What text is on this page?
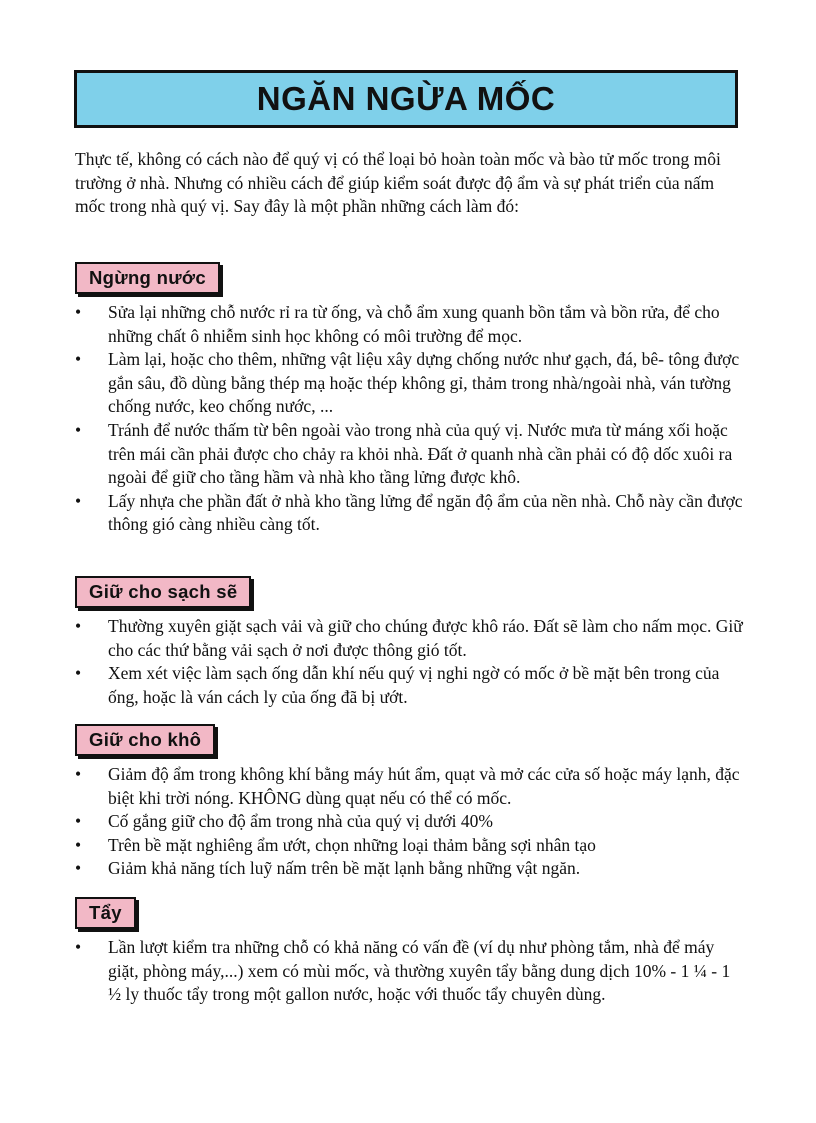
NGĂN NGỪA MỐC

Thực tế, không có cách nào để quý vị có thể loại bỏ hoàn toàn mốc và bào tử mốc trong môi trường ở nhà. Nhưng có nhiều cách để giúp kiểm soát được độ ẩm và sự phát triển của nấm mốc trong nhà quý vị. Say đây là một phần những cách làm đó:

Ngừng nước
•	Sửa lại những chỗ nước rỉ ra từ ống, và chỗ ẩm xung quanh bồn tắm và bồn rửa, để cho những chất ô nhiễm sinh học không có môi trường để mọc.
•	Làm lại, hoặc cho thêm, những vật liệu xây dựng chống nước như gạch, đá, bê- tông được gắn sâu, đồ dùng bằng thép mạ hoặc thép không gỉ, thảm trong nhà/ngoài nhà, ván tường chống nước, keo chống nước, ...
•	Tránh để nước thấm từ bên ngoài vào trong nhà của quý vị. Nước mưa từ máng xối hoặc trên mái cần phải được cho chảy ra khỏi nhà. Đất ở quanh nhà cần phải có độ dốc xuôi ra ngoài để giữ cho tầng hầm và nhà kho tầng lửng được khô.
•	Lấy nhựa che phần đất ở nhà kho tầng lửng để ngăn độ ẩm của nền nhà. Chỗ này cần được thông gió càng nhiều càng tốt.
Giữ cho sạch sẽ
•	Thường xuyên giặt sạch vải và giữ cho chúng được khô ráo. Đất sẽ làm cho nấm mọc. Giữ cho các thứ bằng vải sạch ở nơi được thông gió tốt.
•	Xem xét việc làm sạch ống dẫn khí nếu quý vị nghi ngờ có mốc ở bề mặt bên trong của ống, hoặc là ván cách ly của ống đã bị ướt.
Giữ cho khô
•	Giảm độ ẩm trong không khí bằng máy hút ẩm, quạt và mở các cửa số hoặc máy lạnh, đặc biệt khi trời nóng. KHÔNG dùng quạt nếu có thể có mốc.
•	Cố gắng giữ cho độ ẩm trong nhà của quý vị dưới 40%
•	Trên bề mặt nghiêng ẩm ướt, chọn những loại thảm bằng sợi nhân tạo
•	Giảm khả năng tích luỹ nấm trên bề mặt lạnh bằng những vật ngăn.
Tẩy
•	Lần lượt kiểm tra những chỗ có khả năng có vấn đề (ví dụ như phòng tắm, nhà để máy giặt, phòng máy,...) xem có mùi mốc, và thường xuyên tẩy bằng dung dịch 10% - 1 ¼ - 1 ½ ly thuốc tẩy trong một gallon nước, hoặc với thuốc tẩy chuyên dùng.
